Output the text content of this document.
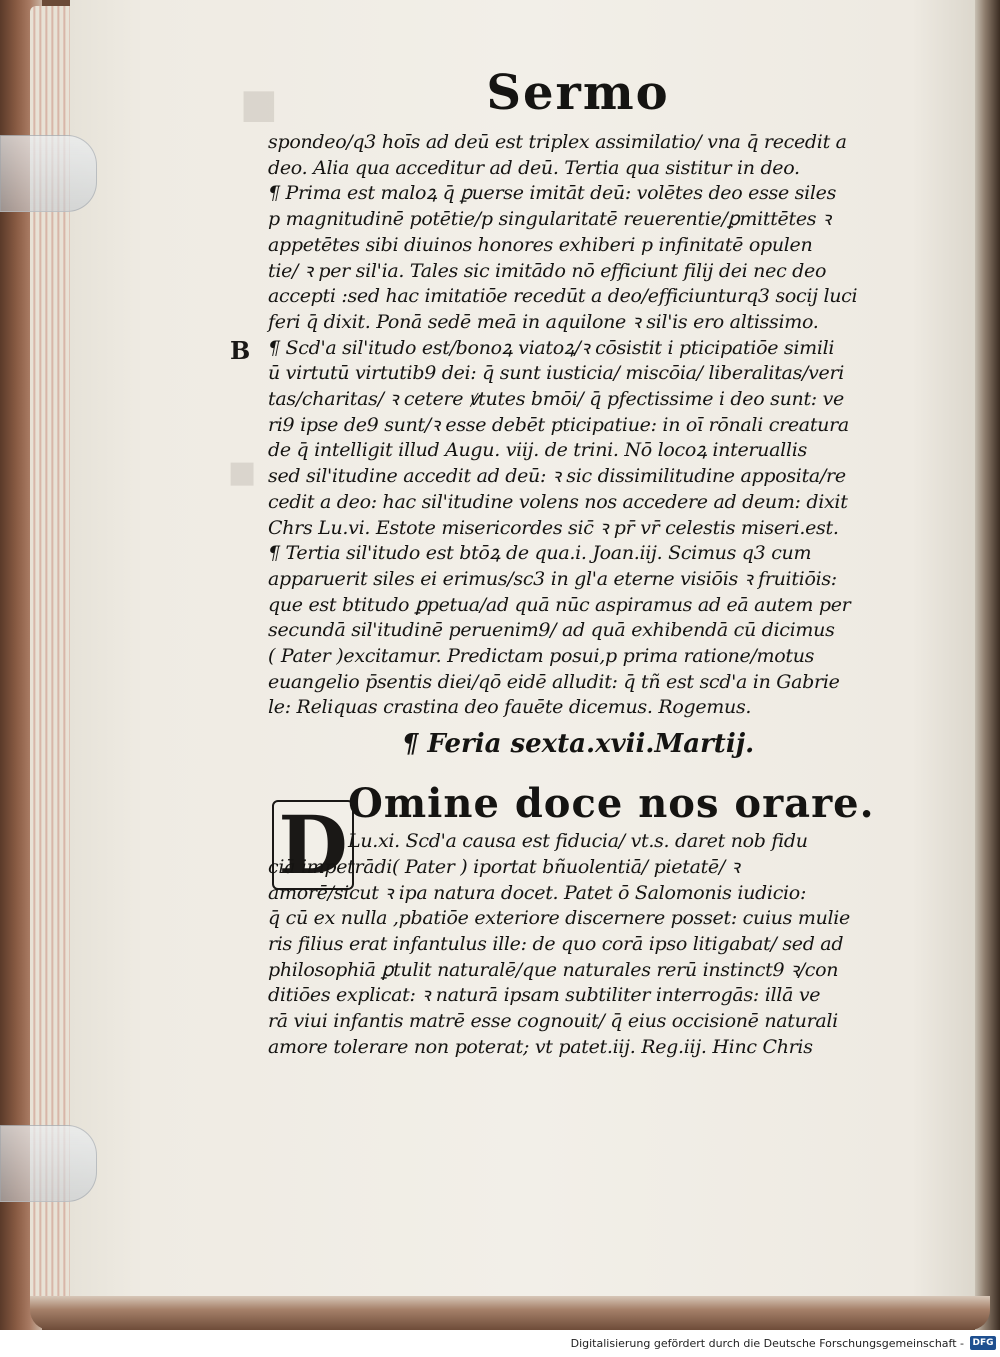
■
■
B
D
Sermo
spondeo/q3 hoīs ad deū est triplex assimilatio/ vna q̄ recedit a
deo. Alia qua acceditur ad deū. Tertia qua sistitur in deo.
¶ Prima est maloꝝ q̄ ꝑuerse imitāt deū: volētes deo esse siles
p magnitudinē potētie/p singularitatē reuerentie/ꝑmittētes ꝛ
appetētes sibi diuinos honores exhiberi p infinitatē opulen
tie/ ꝛ per sil'ia. Tales sic imitādo nō efficiunt filij dei nec deo
accepti :sed hac imitatiōe recedūt a deo/efficiunturq3 socij luci
feri q̄ dixit. Ponā sedē meā in aquilone ꝛ sil'is ero altissimo.
¶ Scd'a sil'itudo est/bonoꝝ viatoꝝ/ꝛ cōsistit i pticipatiōe simili
ū virtutū virtutib9 dei: q̄ sunt iusticia/ miscōia/ liberalitas/veri
tas/charitas/ ꝛ cetere ꝟtutes bmōi/ q̄ pfectissime i deo sunt: ve
ri9 ipse de9 sunt/ꝛ esse debēt pticipatiue: in oī rōnali creatura
de q̄ intelligit illud Augu. viij. de trini. Nō locoꝝ interuallis
sed sil'itudine accedit ad deū: ꝛ sic dissimilitudine apposita/re
cedit a deo: hac sil'itudine volens nos accedere ad deum: dixit
Chrs Lu.vi. Estote misericordes sic̄ ꝛ pr̄ vr̄ celestis miseri.est.
¶ Tertia sil'itudo est btōꝝ de qua.i. Joan.iij. Scimus q3 cum
apparuerit siles ei erimus/sc3 in gl'a eterne visiōis ꝛ fruitiōis:
que est btitudo ꝑpetua/ad quā nūc aspiramus ad eā autem per
secundā sil'itudinē peruenim9/ ad quā exhibendā cū dicimus
( Pater )excitamur. Predictam posui,p prima ratione/motus
euangelio p̄sentis diei/qō eidē alludit: q̄ tñ est scd'a in Gabrie
le: Reliquas crastina deo fauēte dicemus. Rogemus.
¶ Feria sexta.xvii.Martij.
Omine doce nos orare.
Lu.xi. Scd'a causa est fiducia/ vt.s. daret nob fidu
ciā impetrādi( Pater ) iportat bñuolentiā/ pietatē/ ꝛ
amorē/sicut ꝛ ipa natura docet. Patet ō Salomonis iudicio:
q̄ cū ex nulla ,pbatiōe exteriore discernere posset: cuius mulie
ris filius erat infantulus ille: de quo corā ipso litigabat/ sed ad
philosophiā ꝑtulit naturalē/que naturales rerū instinct9 ꝛ/con
ditiōes explicat: ꝛ naturā ipsam subtiliter interrogās: illā ve
rā viui infantis matrē esse cognouit/ q̄ eius occisionē naturali
amore tolerare non poterat; vt patet.iij. Reg.iij. Hinc Chris
Digitalisierung gefördert durch die Deutsche Forschungsgemeinschaft - DFG
